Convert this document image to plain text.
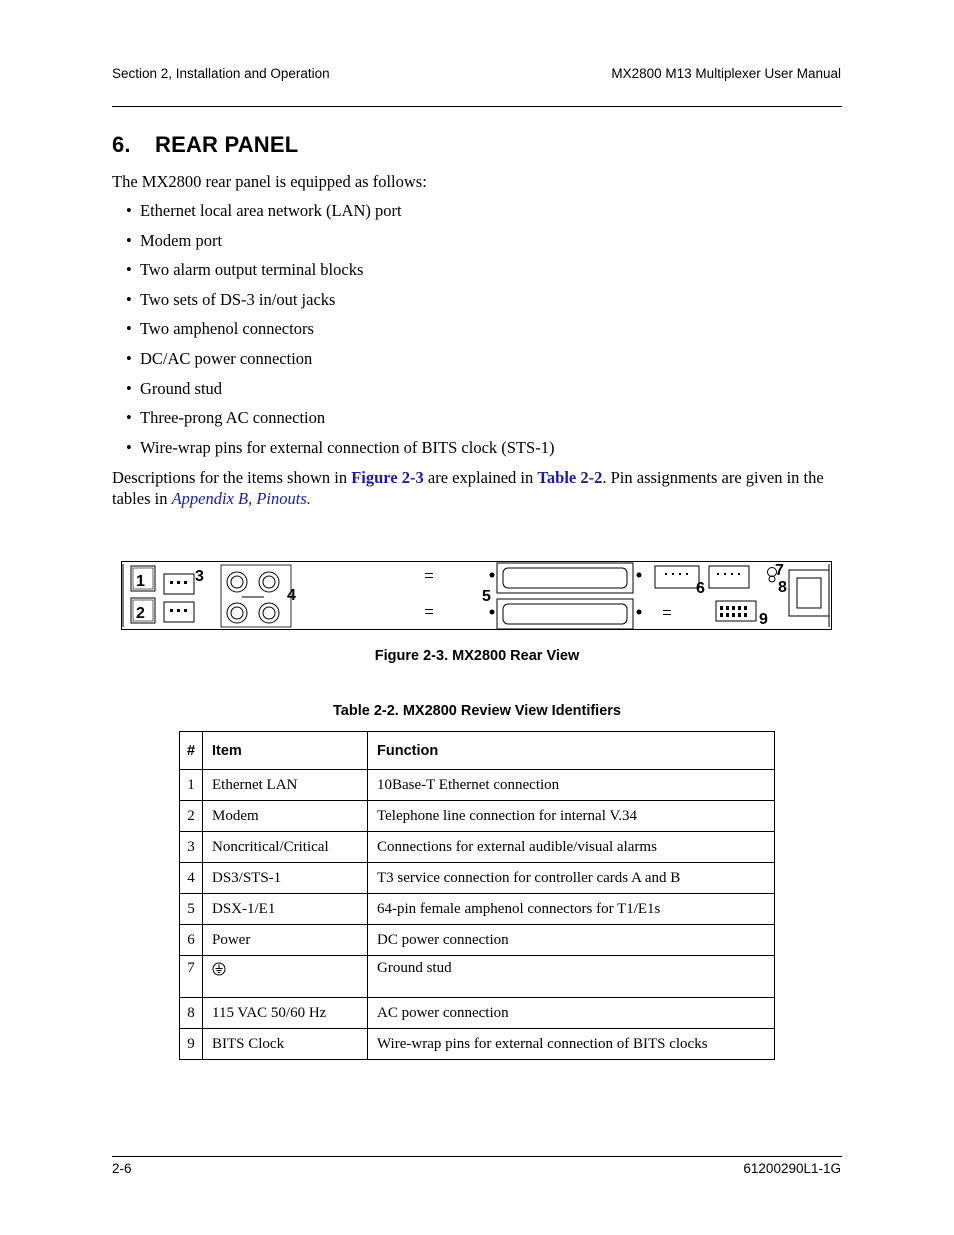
Section 2, Installation and Operation	MX2800 M13 Multiplexer User Manual
6. REAR PANEL
The MX2800 rear panel is equipped as follows:
• Ethernet local area network (LAN) port
• Modem port
• Two alarm output terminal blocks
• Two sets of DS-3 in/out jacks
• Two amphenol connectors
• DC/AC power connection
• Ground stud
• Three-prong AC connection
• Wire-wrap pins for external connection of BITS clock (STS-1)
Descriptions for the items shown in Figure 2-3 are explained in Table 2-2. Pin assignments are given in the tables in Appendix B, Pinouts.
1
2
3
4	5	6
7
8
9
Figure 2-3. MX2800 Rear View
Table 2-2. MX2800 Review View Identifiers
#	Item	Function
1	Ethernet LAN	10Base-T Ethernet connection
2	Modem	Telephone line connection for internal V.34
3	Noncritical/Critical	Connections for external audible/visual alarms
4	DS3/STS-1	T3 service connection for controller cards A and B
5	DSX-1/E1	64-pin female amphenol connectors for T1/E1s
6	Power	DC power connection
7		Ground stud
8	115 VAC 50/60 Hz	AC power connection
9	BITS Clock	Wire-wrap pins for external connection of BITS clocks
2-6	61200290L1-1G
